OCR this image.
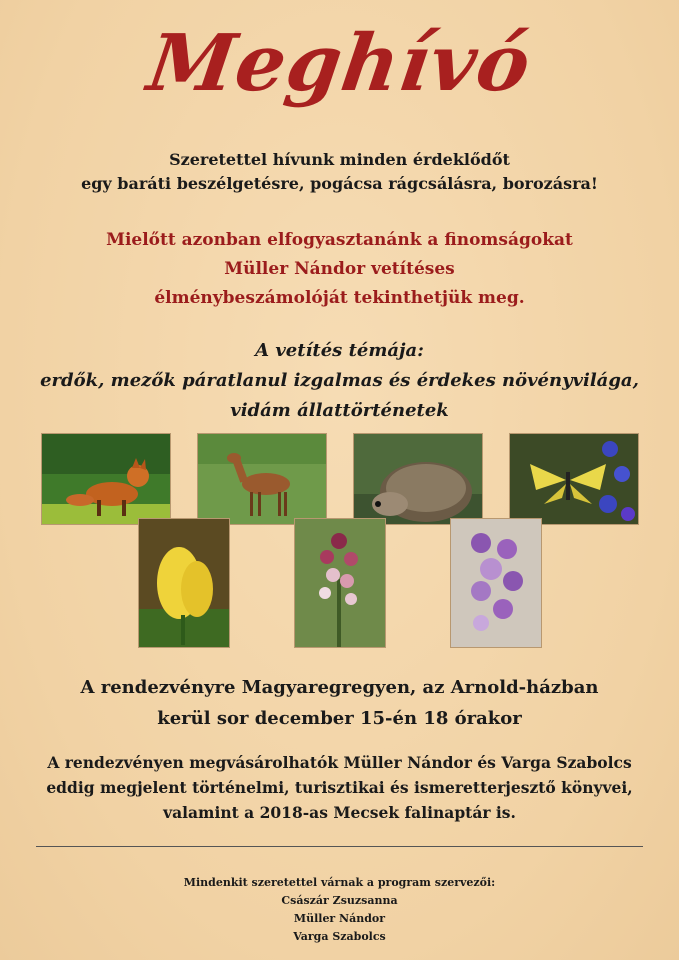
Meghívó
Szeretettel hívunk minden érdeklődőt
egy baráti beszélgetésre, pogácsa rágcsálásra, borozásra!
Mielőtt azonban elfogyasztanánk a finomságokat
Müller Nándor vetítéses
élménybeszámolóját tekinthetjük meg.
A vetítés témája:
erdők, mezők páratlanul izgalmas és érdekes növényvilága,
vidám állattörténetek
A rendezvényre Magyaregregyen, az Arnold-házban
kerül sor december 15-én 18 órakor
A rendezvényen megvásárolhatók Müller Nándor és Varga Szabolcs
eddig megjelent történelmi, turisztikai és ismeretterjesztő könyvei,
valamint a 2018-as Mecsek falinaptár is.
Mindenkit szeretettel várnak a program szervezői:
Császár Zsuzsanna
Müller Nándor
Varga Szabolcs
